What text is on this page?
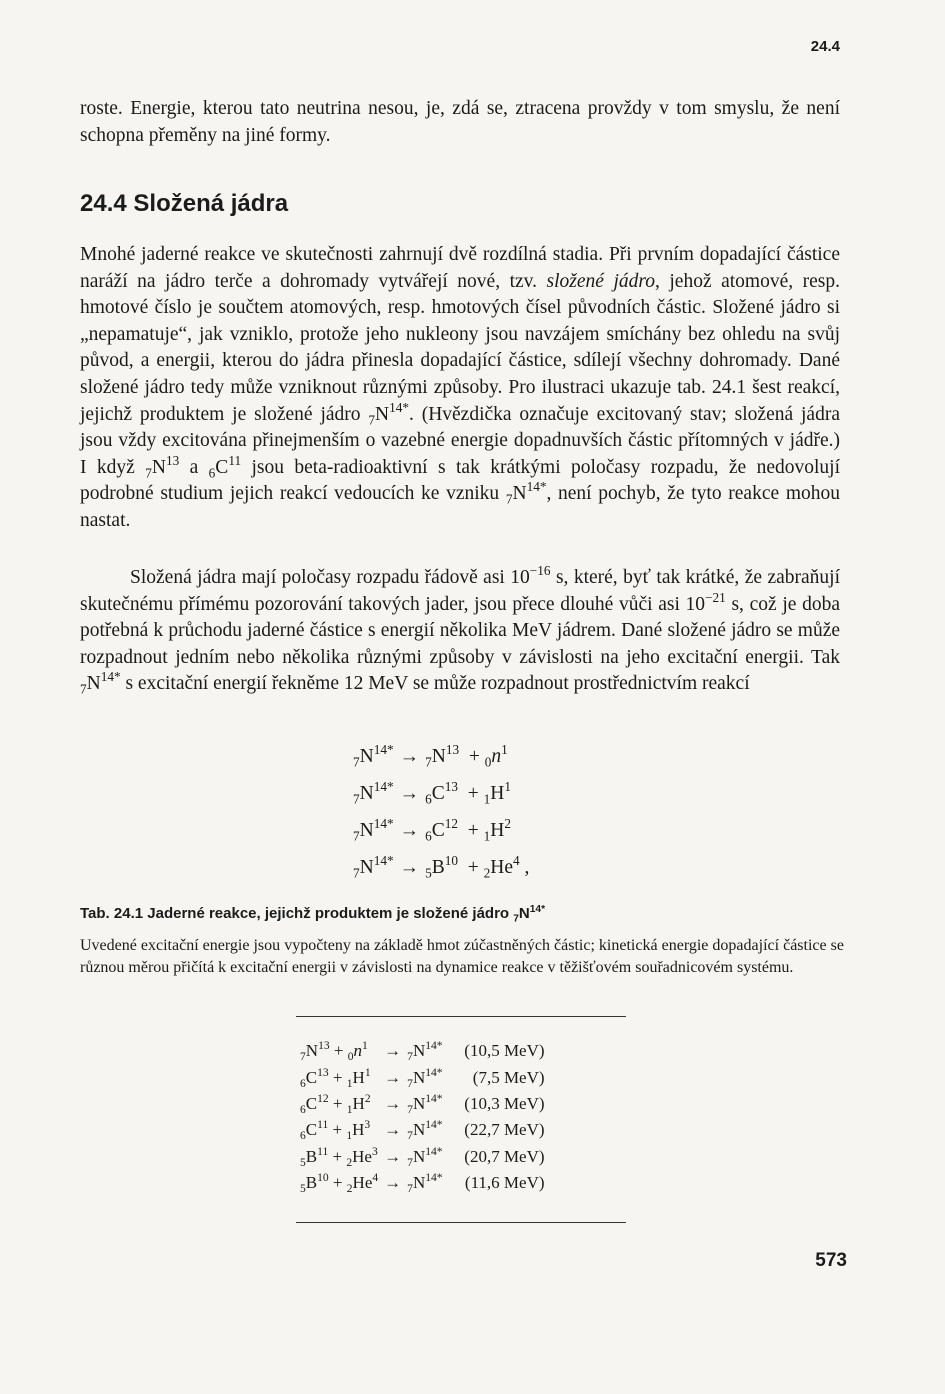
24.4

roste. Energie, kterou tato neutrina nesou, je, zdá se, ztracena provždy v tom smyslu, že není schopna přeměny na jiné formy.

24.4 Složená jádra

Mnohé jaderné reakce ve skutečnosti zahrnují dvě rozdílná stadia. Při prvním dopadající částice naráží na jádro terče a dohromady vytvářejí nové, tzv. složené jádro, jehož atomové, resp. hmotové číslo je součtem atomových, resp. hmotových čísel původních částic. Složené jádro si „nepamatuje“, jak vzniklo, protože jeho nukleony jsou navzájem smíchány bez ohledu na svůj původ, a energii, kterou do jádra přinesla dopadající částice, sdílejí všechny dohromady. Dané složené jádro tedy může vzniknout různými způsoby. Pro ilustraci ukazuje tab. 24.1 šest reakcí, jejichž produktem je složené jádro $_7N^{14*}$. (Hvězdička označuje excitovaný stav; složená jádra jsou vždy excitována přinejmenším o vazebné energie dopadnuvších částic přítomných v jádře.) I když $_7N^{13}$ a $_6C^{11}$ jsou beta-radioaktivní s tak krátkými poločasy rozpadu, že nedovolují podrobné studium jejich reakcí vedoucích ke vzniku $_7N^{14*}$, není pochyb, že tyto reakce mohou nastat.

Složená jádra mají poločasy rozpadu řádově asi $10^{-16}$ s, které, byť tak krátké, že zabraňují skutečnému přímému pozorování takových jader, jsou přece dlouhé vůči asi $10^{-21}$ s, což je doba potřebná k průchodu jaderné částice s energií několika MeV jádrem. Dané složené jádro se může rozpadnout jedním nebo několika různými způsoby v závislosti na jeho excitační energii. Tak $_7N^{14*}$ s excitační energií řekněme 12 MeV se může rozpadnout prostřednictvím reakcí

$_7N^{14*} \to _7N^{13} + _0n^1$
$_7N^{14*} \to _6C^{13} + _1H^1$
$_7N^{14*} \to _6C^{12} + _1H^2$
$_7N^{14*} \to _5B^{10} + _2He^4$ ,

Tab. 24.1 Jaderné reakce, jejichž produktem je složené jádro $_7N^{14*}$

Uvedené excitační energie jsou vypočteny na základě hmot zúčastněných částic; kinetická energie dopadající částice se různou měrou přičítá k excitační energii v závislosti na dynamice reakce v těžišťovém souřadnicovém systému.

$_7N^{13} + _0n^1$	→	$_7N^{14*}$	(10,5 MeV)
$_6C^{13} + _1H^1$	→	$_7N^{14*}$	(7,5 MeV)
$_6C^{12} + _1H^2$	→	$_7N^{14*}$	(10,3 MeV)
$_6C^{11} + _1H^3$	→	$_7N^{14*}$	(22,7 MeV)
$_5B^{11} + _2He^3$	→	$_7N^{14*}$	(20,7 MeV)
$_5B^{10} + _2He^4$	→	$_7N^{14*}$	(11,6 MeV)
573
